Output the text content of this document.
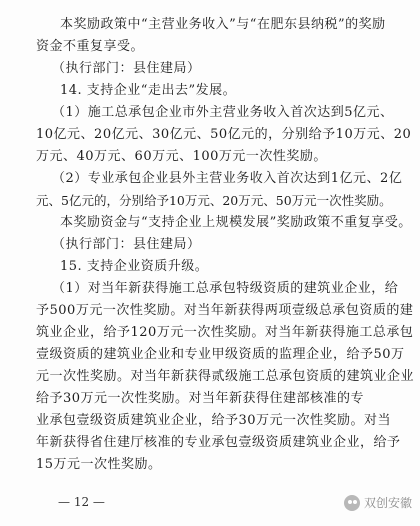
本奖励政策中“主营业务收入”与“在肥东县纳税”的奖励
资金不重复享受。
（执行部门：县住建局）
14. 支持企业“走出去”发展。
（1）施工总承包企业市外主营业务收入首次达到5亿元、
10亿元、20亿元、30亿元、50亿元的，分别给予10万元、20
万元、40万元、60万元、100万元一次性奖励。
（2）专业承包企业县外主营业务收入首次达到1亿元、2亿
元、5亿元的，分别给予10万元、20万元、50万元一次性奖励。
本奖励资金与“支持企业上规模发展”奖励政策不重复享受。
（执行部门：县住建局）
15. 支持企业资质升级。
（1）对当年新获得施工总承包特级资质的建筑业企业，给
予500万元一次性奖励。对当年新获得两项壹级总承包资质的建
筑业企业，给予120万元一次性奖励。对当年新获得施工总承包
壹级资质的建筑业企业和专业甲级资质的监理企业，给予50万
元一次性奖励。对当年新获得贰级施工总承包资质的建筑业企业
给予30万元一次性奖励。对当年新获得住建部核准的专
业承包壹级资质建筑业企业，给予30万元一次性奖励。对当
年新获得省住建厅核准的专业承包壹级资质建筑业企业，给予
15万元一次性奖励。
— 12 —	双创安徽
